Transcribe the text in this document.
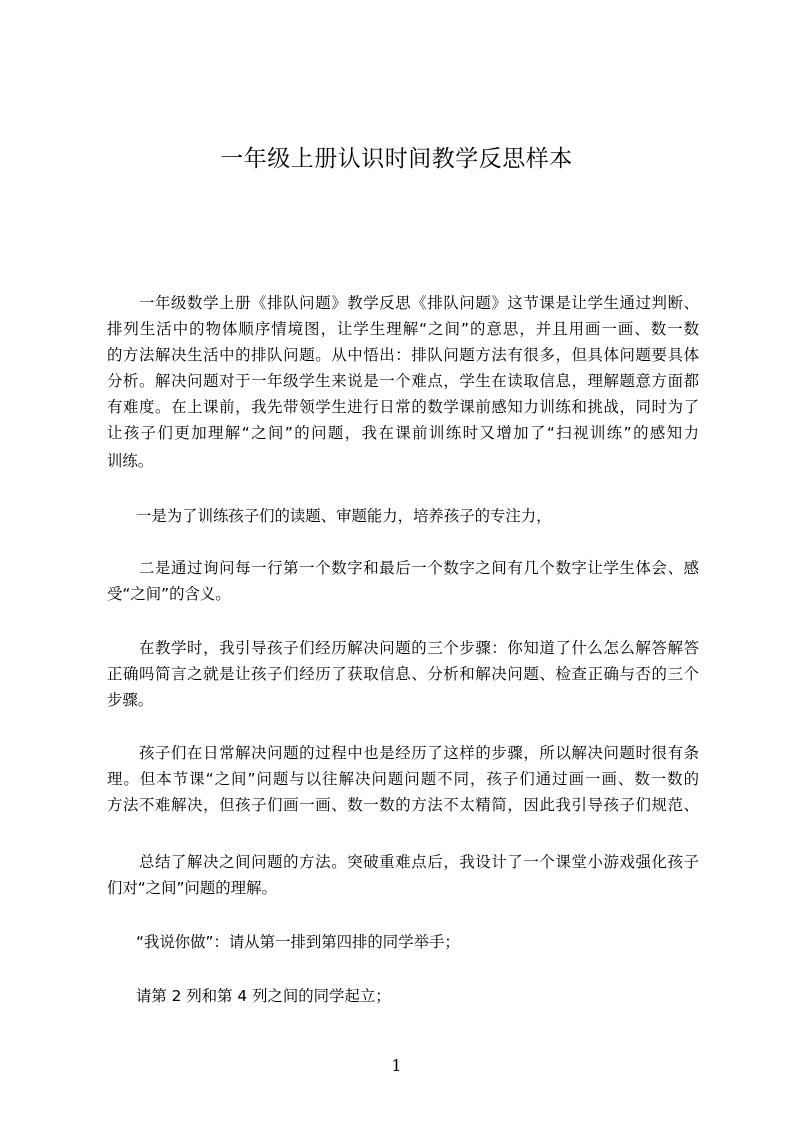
一年级上册认识时间教学反思样本
一年级数学上册《排队问题》教学反思《排队问题》这节课是让学生通过判断、
排列生活中的物体顺序情境图，让学生理解“之间”的意思，并且用画一画、数一数
的方法解决生活中的排队问题。从中悟出：排队问题方法有很多，但具体问题要具体
分析。解决问题对于一年级学生来说是一个难点，学生在读取信息，理解题意方面都
有难度。在上课前，我先带领学生进行日常的数学课前感知力训练和挑战，同时为了
让孩子们更加理解“之间”的问题，我在课前训练时又增加了“扫视训练”的感知力
训练。
一是为了训练孩子们的读题、审题能力，培养孩子的专注力，
二是通过询问每一行第一个数字和最后一个数字之间有几个数字让学生体会、感
受“之间”的含义。
在教学时，我引导孩子们经历解决问题的三个步骤：你知道了什么怎么解答解答
正确吗简言之就是让孩子们经历了获取信息、分析和解决问题、检查正确与否的三个
步骤。
孩子们在日常解决问题的过程中也是经历了这样的步骤，所以解决问题时很有条
理。但本节课“之间”问题与以往解决问题问题不同，孩子们通过画一画、数一数的
方法不难解决，但孩子们画一画、数一数的方法不太精简，因此我引导孩子们规范、
总结了解决之间问题的方法。突破重难点后，我设计了一个课堂小游戏强化孩子
们对“之间”问题的理解。
“我说你做”：请从第一排到第四排的同学举手；
请第 2 列和第 4 列之间的同学起立；
1
